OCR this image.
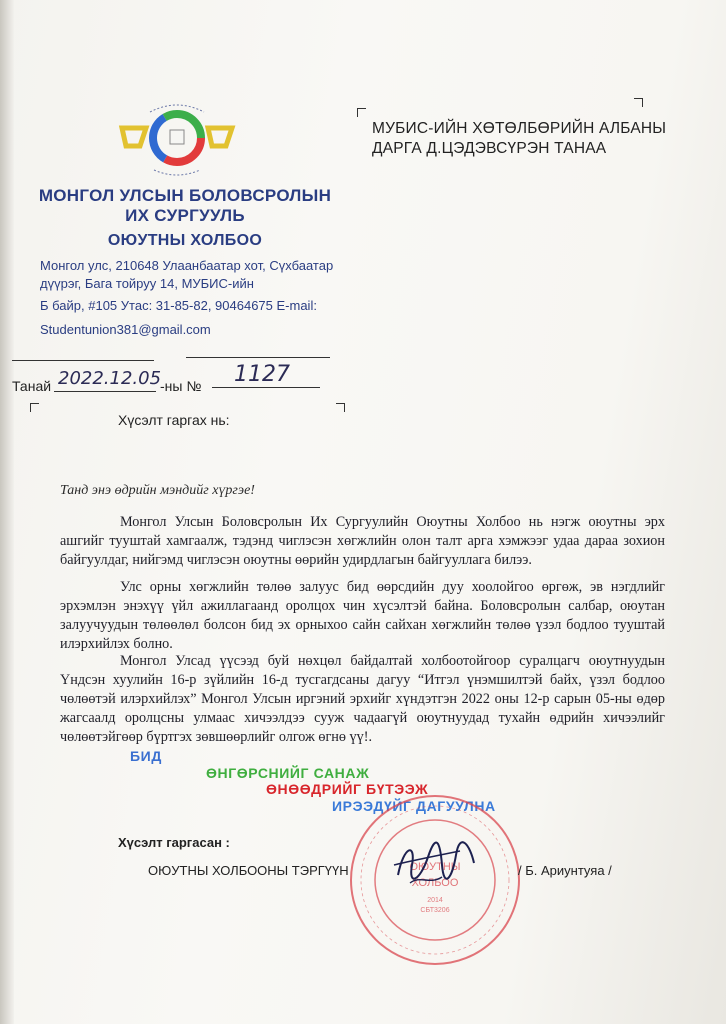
МОНГОЛ УЛСЫН БОЛОВСРОЛЫН
ИХ СУРГУУЛЬ
ОЮУТНЫ ХОЛБОО
Монгол улс, 210648 Улаанбаатар хот, Сүхбаатар
дүүрэг, Бага тойруу 14, МУБИС-ийн
Б байр, #105 Утас: 31-85-82, 90464675 E-mail:
Studentunion381@gmail.com
МУБИС-ИЙН ХӨТӨЛБӨРИЙН АЛБАНЫ
ДАРГА Д.ЦЭДЭВСҮРЭН ТАНАА
Танай 2022.12.05
-ны № 1127
Хүсэлт гаргах нь:
Танд энэ өдрийн мэндийг хүргэе!
Монгол Улсын Боловсролын Их Сургуулийн Оюутны Холбоо нь нэгж оюутны эрх ашгийг тууштай хамгаалж, тэдэнд чиглэсэн хөгжлийн олон талт арга хэмжээг удаа дараа зохион байгуулдаг, нийгэмд чиглэсэн оюутны өөрийн удирдлагын байгууллага билээ.
Улс орны хөгжлийн төлөө залуус бид өөрсдийн дуу хоолойгоо өргөж, эв нэгдлийг эрхэмлэн энэхүү үйл ажиллагаанд оролцох чин хүсэлтэй байна. Боловсролын салбар, оюутан залуучуудын төлөөлөл болсон бид эх орныхоо сайн сайхан хөгжлийн төлөө үзэл бодлоо тууштай илэрхийлэх болно.
Монгол Улсад үүсээд буй нөхцөл байдалтай холбоотойгоор суралцагч оюутнуудын Үндсэн хуулийн 16-р зүйлийн 16-д тусгагдсаны дагуу “Итгэл үнэмшилтэй байх, үзэл бодлоо чөлөөтэй илэрхийлэх” Монгол Улсын иргэний эрхийг хүндэтгэн 2022 оны 12-р сарын 05-ны өдөр жагсаалд оролцсны улмаас хичээлдээ сууж чадаагүй оюутнуудад тухайн өдрийн хичээлийг чөлөөтэйгөөр бүртгэх зөвшөөрлийг олгож өгнө үү!.
БИД
ӨНГӨРСНИЙГ САНАЖ
ӨНӨӨДРИЙГ БҮТЭЭЖ
ИРЭЭДҮЙГ ДАГУУЛНА
ОЮУТНЫ
ХОЛБОО
2014
СБТ3206
Хүсэлт гаргасан :
ОЮУТНЫ ХОЛБООНЫ ТЭРГҮҮН	/ Б. Ариунтуяа /
